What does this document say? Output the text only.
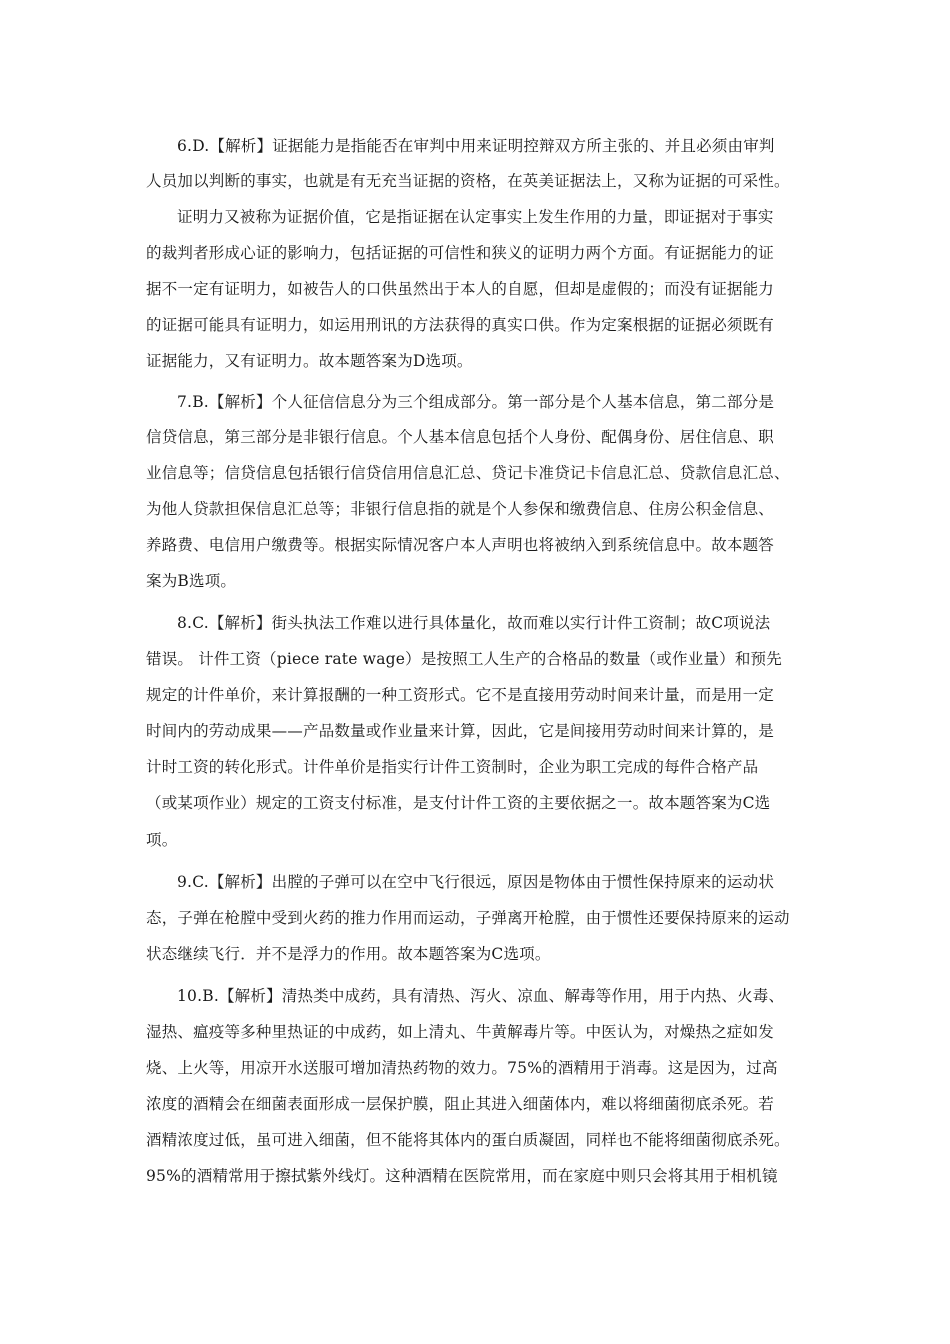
6.D.【解析】证据能力是指能否在审判中用来证明控辩双方所主张的、并且必须由审判
人员加以判断的事实，也就是有无充当证据的资格，在英美证据法上，又称为证据的可采性。
证明力又被称为证据价值，它是指证据在认定事实上发生作用的力量，即证据对于事实
的裁判者形成心证的影响力，包括证据的可信性和狭义的证明力两个方面。有证据能力的证
据不一定有证明力，如被告人的口供虽然出于本人的自愿，但却是虚假的；而没有证据能力
的证据可能具有证明力，如运用刑讯的方法获得的真实口供。作为定案根据的证据必须既有
证据能力，又有证明力。故本题答案为D选项。
7.B.【解析】个人征信信息分为三个组成部分。第一部分是个人基本信息，第二部分是
信贷信息，第三部分是非银行信息。个人基本信息包括个人身份、配偶身份、居住信息、职
业信息等；信贷信息包括银行信贷信用信息汇总、贷记卡准贷记卡信息汇总、贷款信息汇总、
为他人贷款担保信息汇总等；非银行信息指的就是个人参保和缴费信息、住房公积金信息、
养路费、电信用户缴费等。根据实际情况客户本人声明也将被纳入到系统信息中。故本题答
案为B选项。
8.C.【解析】街头执法工作难以进行具体量化，故而难以实行计件工资制；故C项说法
错误。 计件工资（piece rate wage）是按照工人生产的合格品的数量（或作业量）和预先
规定的计件单价，来计算报酬的一种工资形式。它不是直接用劳动时间来计量，而是用一定
时间内的劳动成果——产品数量或作业量来计算，因此，它是间接用劳动时间来计算的，是
计时工资的转化形式。计件单价是指实行计件工资制时，企业为职工完成的每件合格产品
（或某项作业）规定的工资支付标准，是支付计件工资的主要依据之一。故本题答案为C选
项。
9.C.【解析】出膛的子弹可以在空中飞行很远，原因是物体由于惯性保持原来的运动状
态，子弹在枪膛中受到火药的推力作用而运动，子弹离开枪膛，由于惯性还要保持原来的运动
状态继续飞行．并不是浮力的作用。故本题答案为C选项。
10.B.【解析】清热类中成药，具有清热、泻火、凉血、解毒等作用，用于内热、火毒、
湿热、瘟疫等多种里热证的中成药，如上清丸、牛黄解毒片等。中医认为，对燥热之症如发
烧、上火等，用凉开水送服可增加清热药物的效力。75%的酒精用于消毒。这是因为，过高
浓度的酒精会在细菌表面形成一层保护膜，阻止其进入细菌体内，难以将细菌彻底杀死。若
酒精浓度过低，虽可进入细菌，但不能将其体内的蛋白质凝固，同样也不能将细菌彻底杀死。
95%的酒精常用于擦拭紫外线灯。这种酒精在医院常用，而在家庭中则只会将其用于相机镜
